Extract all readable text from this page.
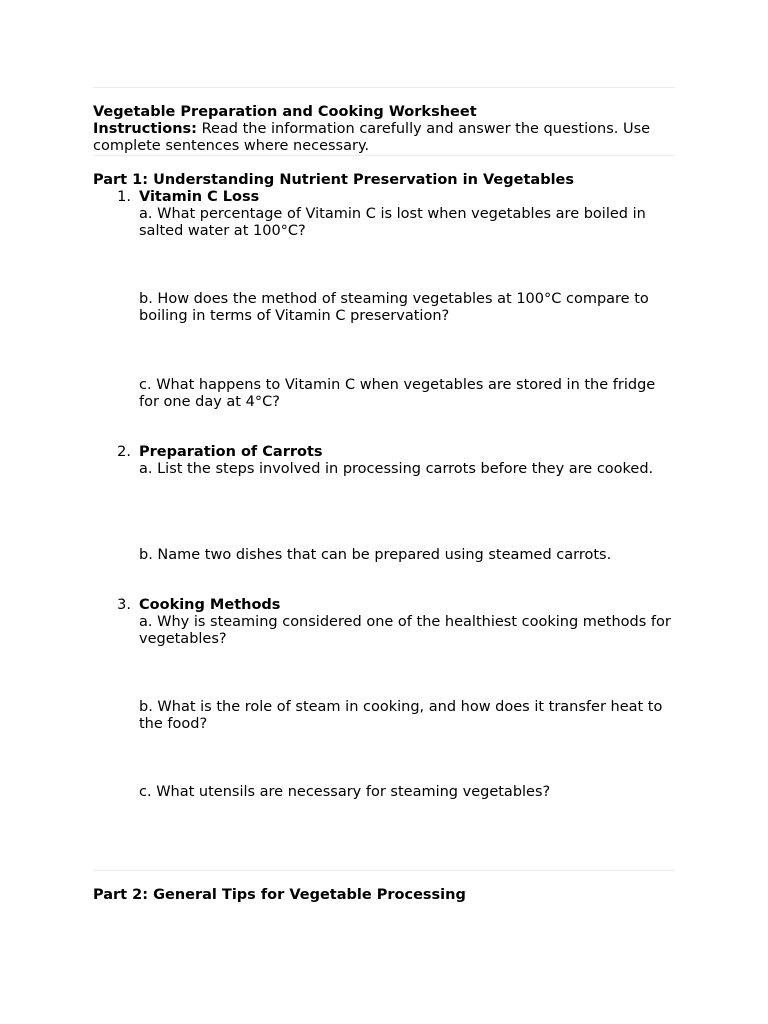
Vegetable Preparation and Cooking Worksheet
Instructions: Read the information carefully and answer the questions. Use complete sentences where necessary.
Part 1: Understanding Nutrient Preservation in Vegetables
1. Vitamin C Loss
a. What percentage of Vitamin C is lost when vegetables are boiled in salted water at 100°C?
b. How does the method of steaming vegetables at 100°C compare to boiling in terms of Vitamin C preservation?
c. What happens to Vitamin C when vegetables are stored in the fridge for one day at 4°C?
2. Preparation of Carrots
a. List the steps involved in processing carrots before they are cooked.
b. Name two dishes that can be prepared using steamed carrots.
3. Cooking Methods
a. Why is steaming considered one of the healthiest cooking methods for vegetables?
b. What is the role of steam in cooking, and how does it transfer heat to the food?
c. What utensils are necessary for steaming vegetables?
Part 2: General Tips for Vegetable Processing
